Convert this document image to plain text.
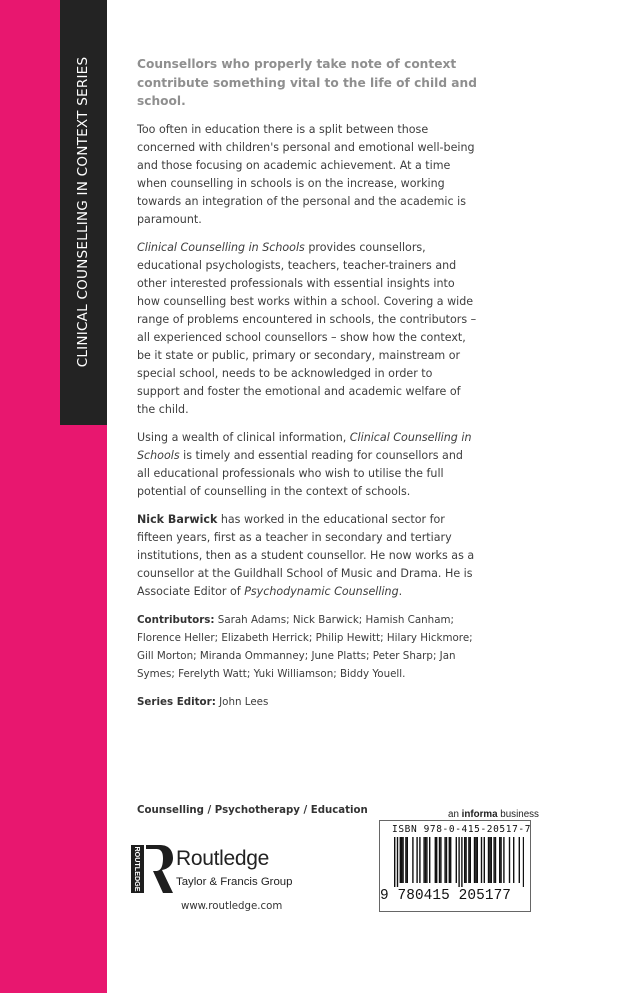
CLINICAL COUNSELLING IN CONTEXT SERIES	Counsellors who properly take note of context contribute something vital to the life of child and school.

Too often in education there is a split between those concerned with children's personal and emotional well-being and those focusing on academic achievement. At a time when counselling in schools is on the increase, working towards an integration of the personal and the academic is paramount.

Clinical Counselling in Schools provides counsellors, educational psychologists, teachers, teacher-trainers and other interested professionals with essential insights into how counselling best works within a school. Covering a wide range of problems encountered in schools, the contributors – all experienced school counsellors – show how the context, be it state or public, primary or secondary, mainstream or special school, needs to be acknowledged in order to support and foster the emotional and academic welfare of the child.

Using a wealth of clinical information, Clinical Counselling in Schools is timely and essential reading for counsellors and all educational professionals who wish to utilise the full potential of counselling in the context of schools.

Nick Barwick has worked in the educational sector for fifteen years, first as a teacher in secondary and tertiary institutions, then as a student counsellor. He now works as a counsellor at the Guildhall School of Music and Drama. He is Associate Editor of Psychodynamic Counselling.

Contributors: Sarah Adams; Nick Barwick; Hamish Canham; Florence Heller; Elizabeth Herrick; Philip Hewitt; Hilary Hickmore; Gill Morton; Miranda Ommanney; June Platts; Peter Sharp; Jan Symes; Ferelyth Watt; Yuki Williamson; Biddy Youell.

Series Editor: John Lees

Counselling / Psychotherapy / Education
ROUTLEDGE Routledge
Taylor & Francis Group
www.routledge.com
an informa business
ISBN 978-0-415-20517-7
9 780415 205177
